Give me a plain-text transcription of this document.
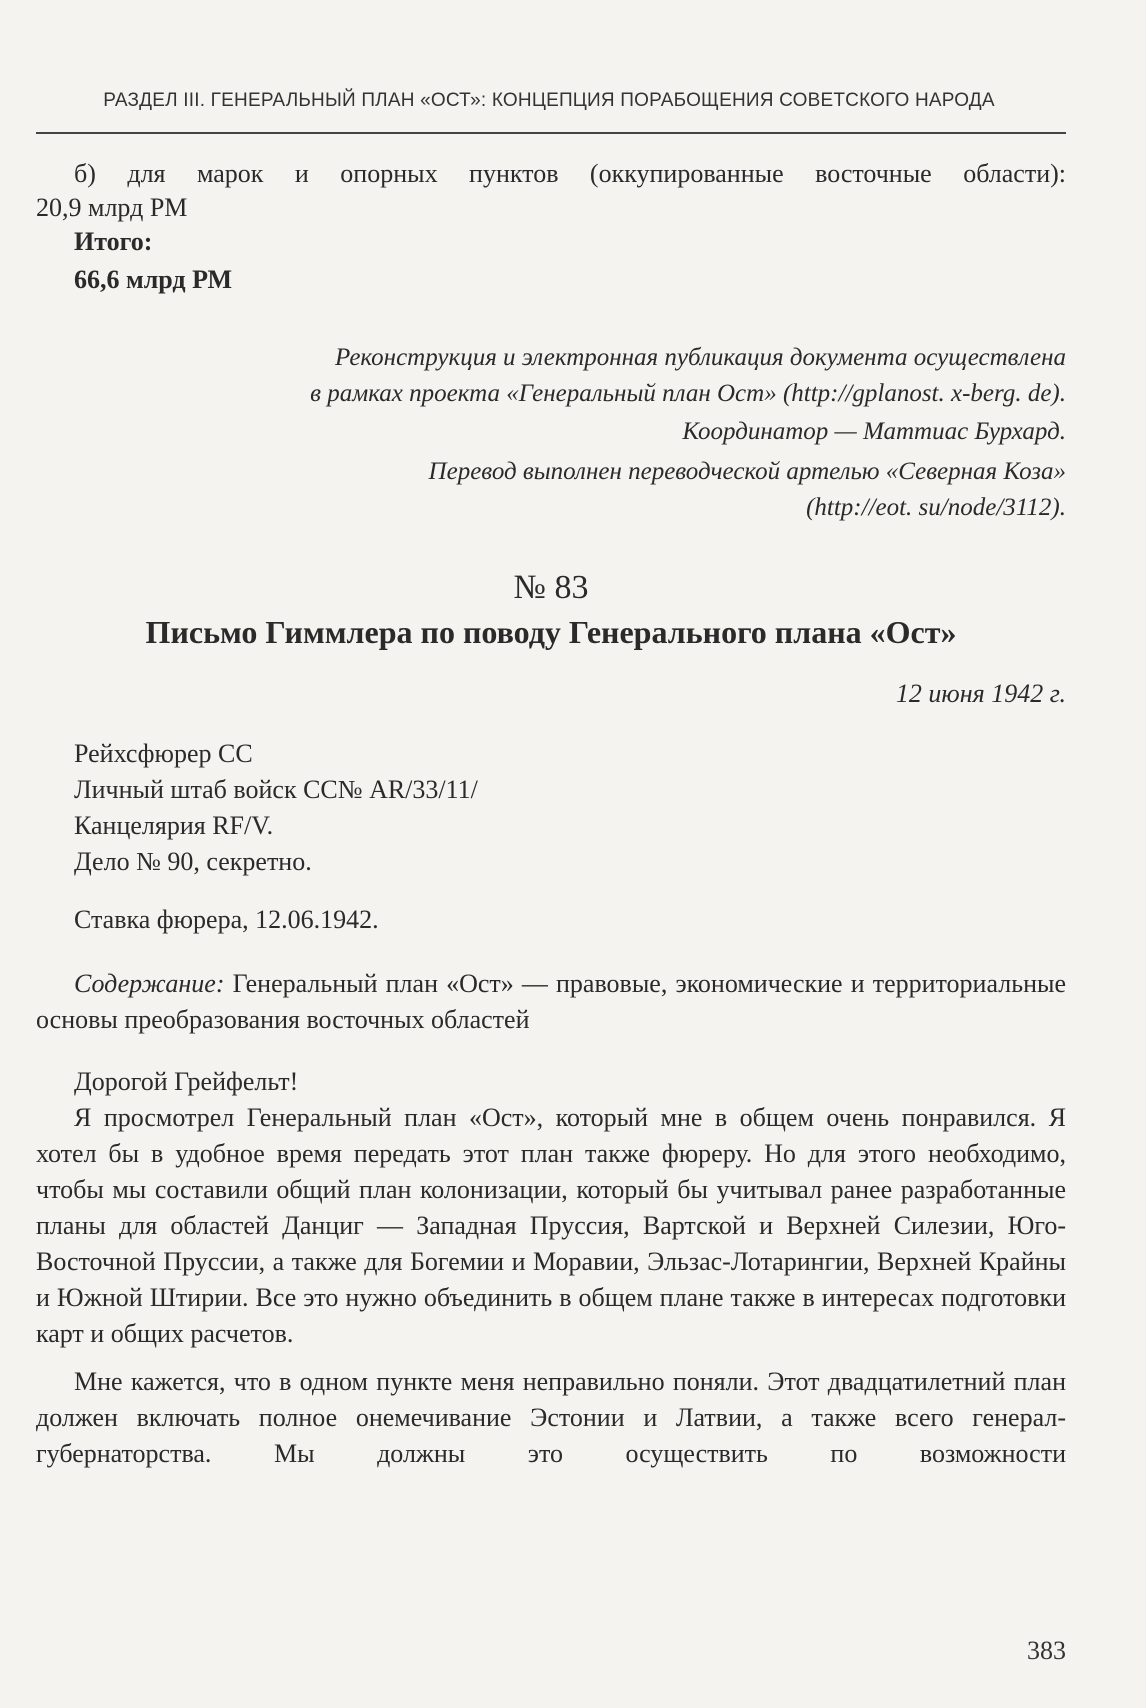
РАЗДЕЛ III. ГЕНЕРАЛЬНЫЙ ПЛАН «ОСТ»: КОНЦЕПЦИЯ ПОРАБОЩЕНИЯ СОВЕТСКОГО НАРОДА
б) для марок и опорных пунктов (оккупированные восточные области):
20,9 млрд РМ
Итого:
66,6 млрд РМ
Реконструкция и электронная публикация документа осуществлена
в рамках проекта «Генеральный план Ост» (http://gplanost. x-berg. de).
Координатор — Маттиас Бурхард.
Перевод выполнен переводческой артелью «Северная Коза»
(http://eot. su/node/3112).
№ 83
Письмо Гиммлера по поводу Генерального плана «Ост»
12 июня 1942 г.
Рейхсфюрер СС
Личный штаб войск СС№ AR/33/11/
Канцелярия RF/V.
Дело № 90, секретно.
Ставка фюрера, 12.06.1942.
Содержание: Генеральный план «Ост» — правовые, экономические и территориальные основы преобразования восточных областей
Дорогой Грейфельт!
Я просмотрел Генеральный план «Ост», который мне в общем очень понравился. Я хотел бы в удобное время передать этот план также фюреру. Но для этого необходимо, чтобы мы составили общий план колонизации, который бы учитывал ранее разработанные планы для областей Данциг — Западная Пруссия, Вартской и Верхней Силезии, Юго-Восточной Пруссии, а также для Богемии и Моравии, Эльзас-Лотарингии, Верхней Крайны и Южной Штирии. Все это нужно объединить в общем плане также в интересах подготовки карт и общих расчетов.
Мне кажется, что в одном пункте меня неправильно поняли. Этот двадцатилетний план должен включать полное онемечивание Эстонии и Латвии, а также всего генерал-губернаторства. Мы должны это осуществить по возможности
383
